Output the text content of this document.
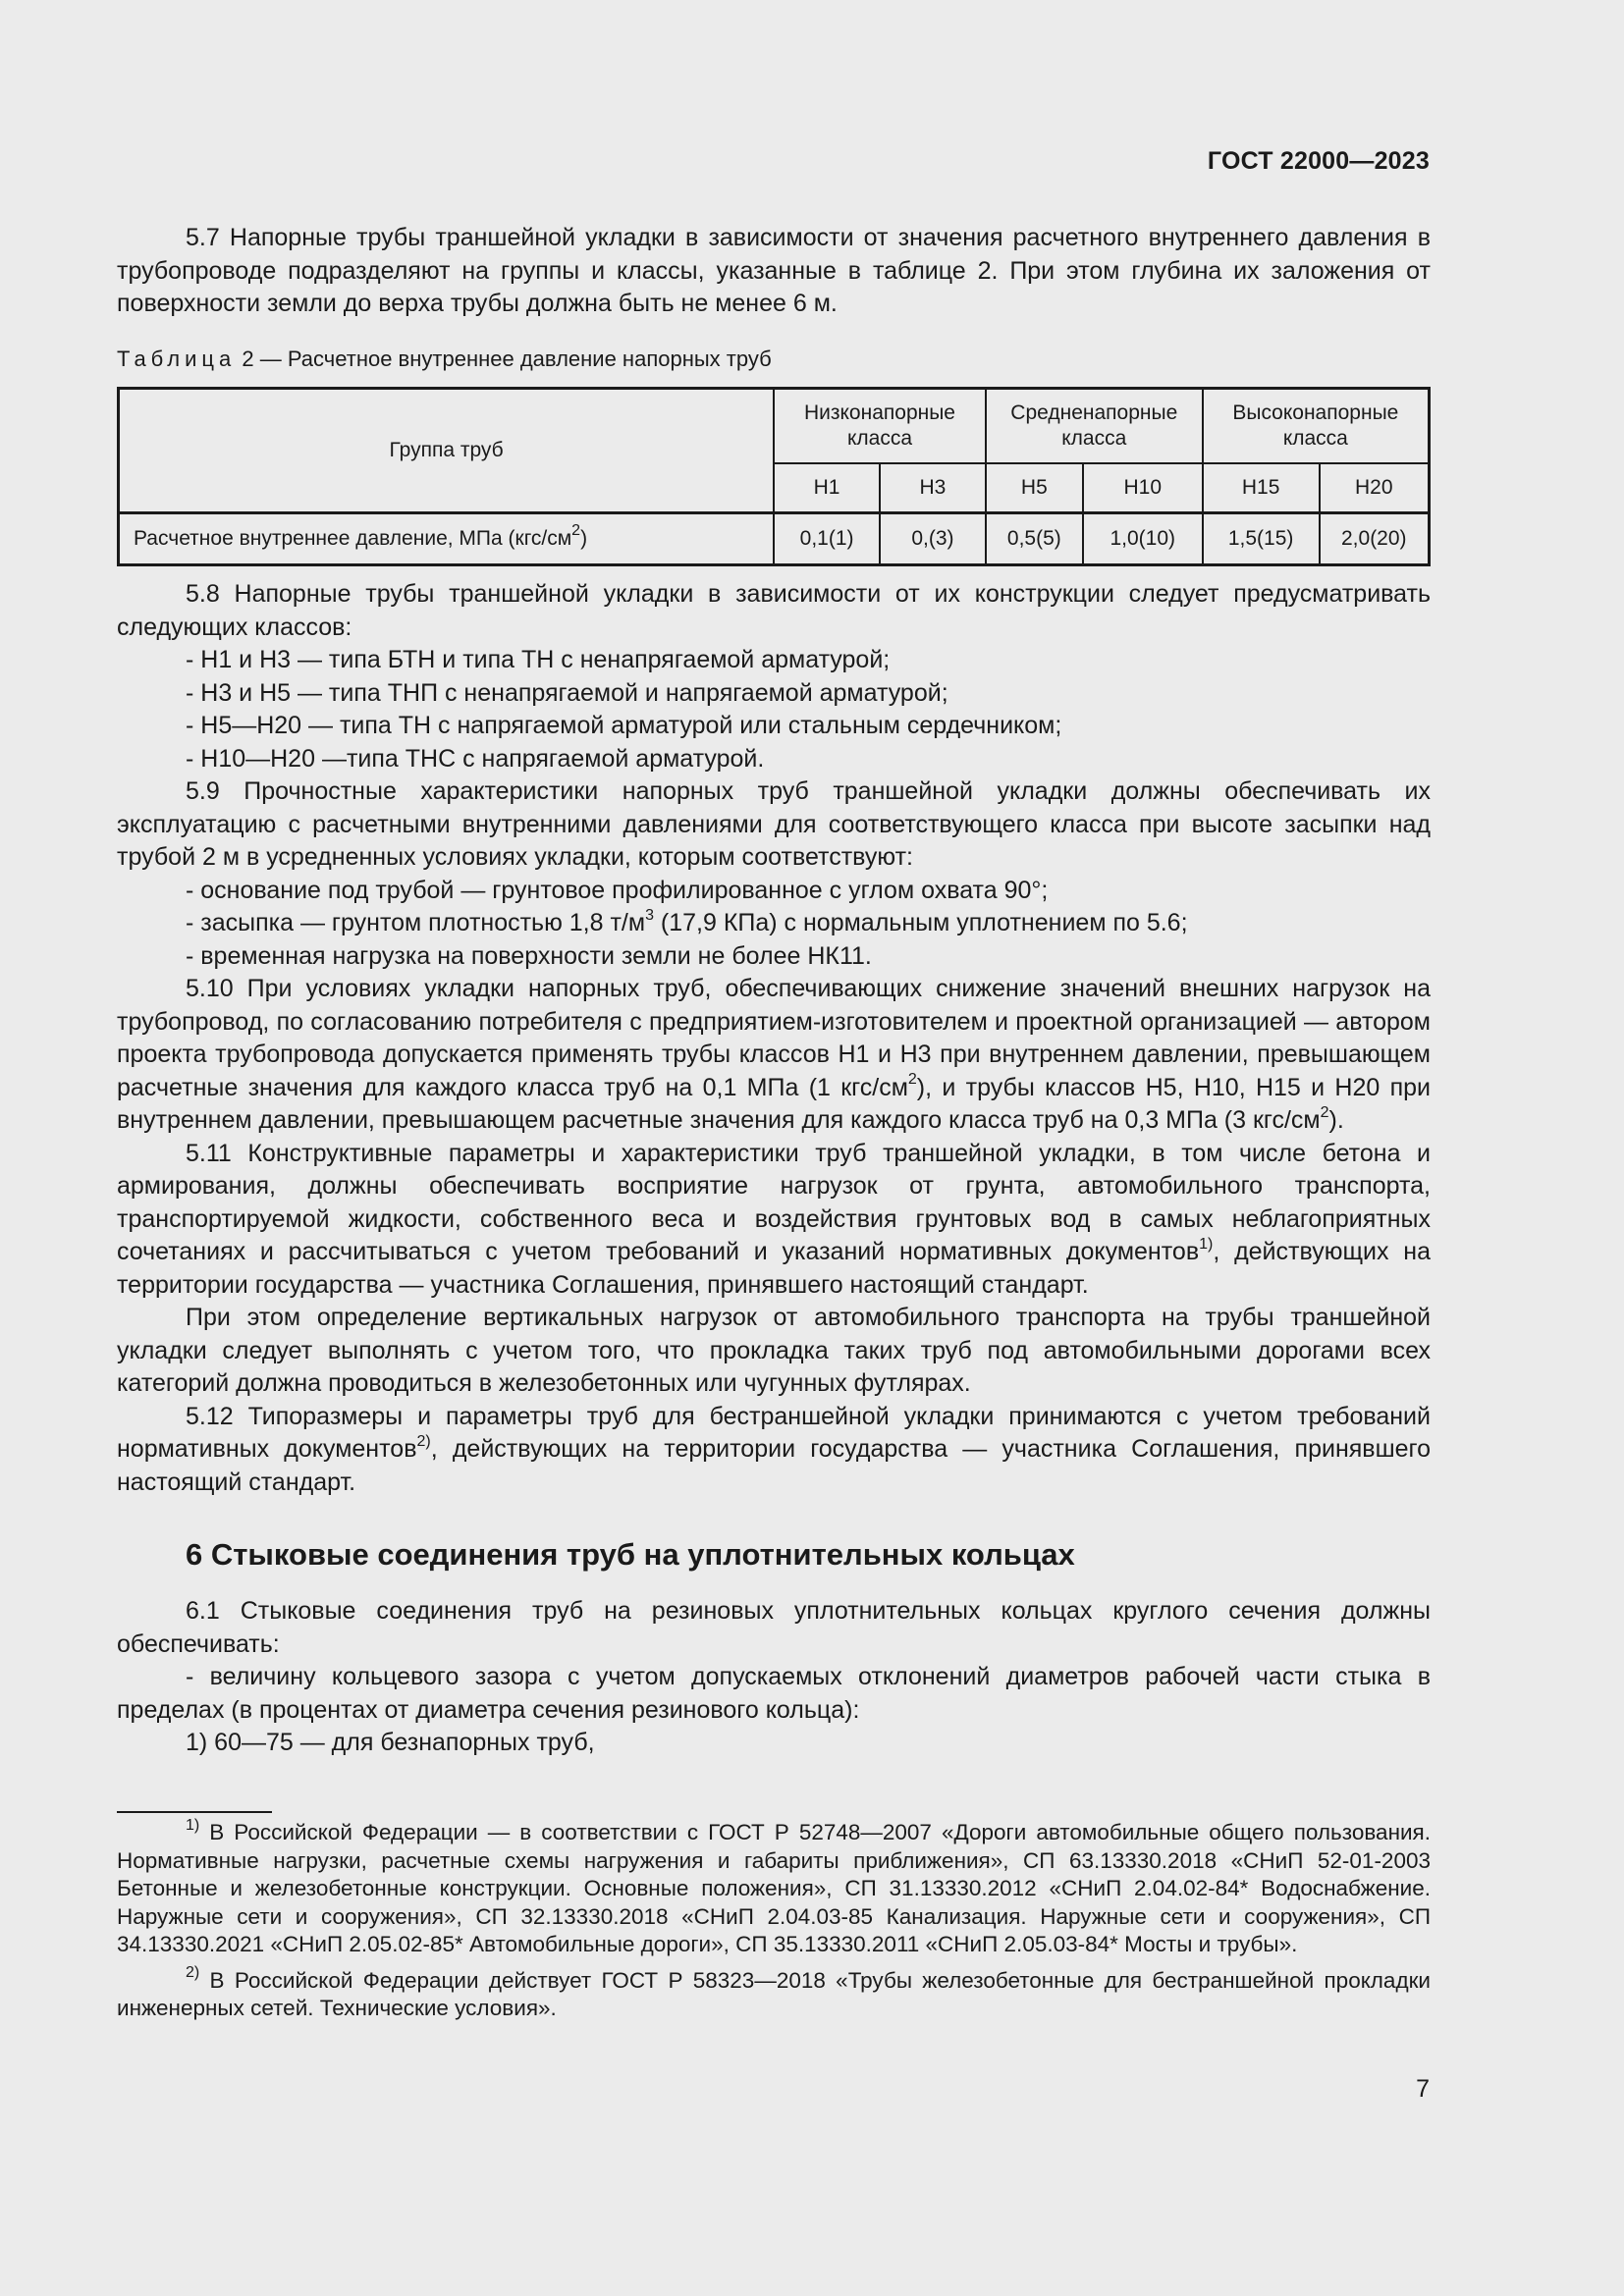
ГОСТ 22000—2023

5.7 Напорные трубы траншейной укладки в зависимости от значения расчетного внутреннего давления в трубопроводе подразделяют на группы и классы, указанные в таблице 2. При этом глубина их заложения от поверхности земли до верха трубы должна быть не менее 6 м.

Таблица 2 — Расчетное внутреннее давление напорных труб

Группа труб	Низконапорные класса		Средненапорные класса		Высоконапорные класса	
	Н1	Н3	Н5	Н10	Н15	Н20
Расчетное внутреннее давление, МПа $(кгс/см^2)$	0,1(1)	0,(3)	0,5(5)	1,0(10)	1,5(15)	2,0(20)

5.8 Напорные трубы траншейной укладки в зависимости от их конструкции следует предусматривать следующих классов:

- Н1 и Н3 — типа БТН и типа ТН с ненапрягаемой арматурой;

- Н3 и Н5 — типа ТНП с ненапрягаемой и напрягаемой арматурой;

- Н5—Н20 — типа ТН с напрягаемой арматурой или стальным сердечником;

- Н10—Н20 —типа ТНС с напрягаемой арматурой.

5.9 Прочностные характеристики напорных труб траншейной укладки должны обеспечивать их эксплуатацию с расчетными внутренними давлениями для соответствующего класса при высоте засыпки над трубой 2 м в усредненных условиях укладки, которым соответствуют:

- основание под трубой — грунтовое профилированное с углом охвата 90°;

- засыпка — грунтом плотностью 1,8 $т/м^3$ (17,9 КПа) с нормальным уплотнением по 5.6;

- временная нагрузка на поверхности земли не более НК11.

5.10 При условиях укладки напорных труб, обеспечивающих снижение значений внешних нагрузок на трубопровод, по согласованию потребителя с предприятием-изготовителем и проектной организацией — автором проекта трубопровода допускается применять трубы классов Н1 и Н3 при внутреннем давлении, превышающем расчетные значения для каждого класса труб на 0,1 МПа (1 кгс/$см^2$), и трубы классов Н5, Н10, Н15 и Н20 при внутреннем давлении, превышающем расчетные значения для каждого класса труб на 0,3 МПа (3 кгс/$см^2$).

5.11 Конструктивные параметры и характеристики труб траншейной укладки, в том числе бетона и армирования, должны обеспечивать восприятие нагрузок от грунта, автомобильного транспорта, транспортируемой жидкости, собственного веса и воздействия грунтовых вод в самых неблагоприятных сочетаниях и рассчитываться с учетом требований и указаний нормативных документов$^{1)}$, действующих на территории государства — участника Соглашения, принявшего настоящий стандарт.

При этом определение вертикальных нагрузок от автомобильного транспорта на трубы траншейной укладки следует выполнять с учетом того, что прокладка таких труб под автомобильными дорогами всех категорий должна проводиться в железобетонных или чугунных футлярах.

5.12 Типоразмеры и параметры труб для бестраншейной укладки принимаются с учетом требований нормативных документов$^{2)}$, действующих на территории государства — участника Соглашения, принявшего настоящий стандарт.

6 Стыковые соединения труб на уплотнительных кольцах

6.1 Стыковые соединения труб на резиновых уплотнительных кольцах круглого сечения должны обеспечивать:

- величину кольцевого зазора с учетом допускаемых отклонений диаметров рабочей части стыка в пределах (в процентах от диаметра сечения резинового кольца):

1) 60—75 — для безнапорных труб,

$^{1)}$ В Российской Федерации — в соответствии с ГОСТ Р 52748—2007 «Дороги автомобильные общего пользования. Нормативные нагрузки, расчетные схемы нагружения и габариты приближения», СП 63.13330.2018 «СНиП 52-01-2003 Бетонные и железобетонные конструкции. Основные положения», СП 31.13330.2012 «СНиП 2.04.02-84* Водоснабжение. Наружные сети и сооружения», СП 32.13330.2018 «СНиП 2.04.03-85 Канализация. Наружные сети и сооружения», СП 34.13330.2021 «СНиП 2.05.02-85* Автомобильные дороги», СП 35.13330.2011 «СНиП 2.05.03-84* Мосты и трубы».

$^{2)}$ В Российской Федерации действует ГОСТ Р 58323—2018 «Трубы железобетонные для бестраншейной прокладки инженерных сетей. Технические условия».

7
